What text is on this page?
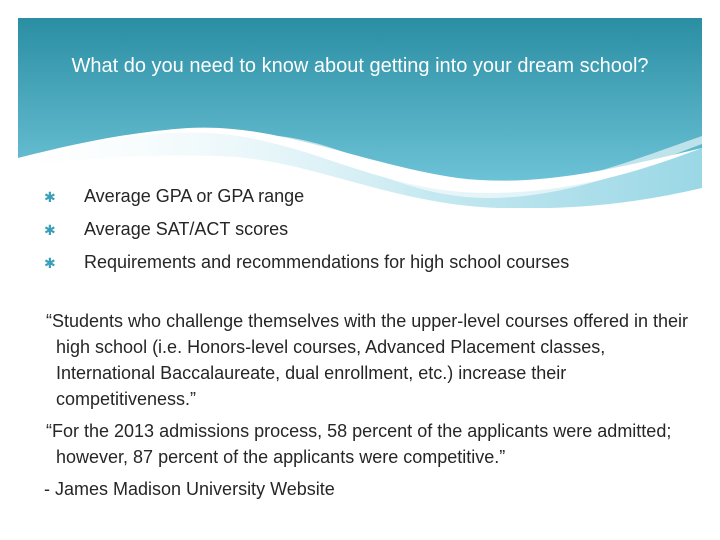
What do you need to know about getting into your dream school?
✱	Average GPA or GPA range
✱	Average SAT/ACT scores
✱	Requirements and recommendations for high school courses

“Students who challenge themselves with the upper-level courses offered in their high school (i.e. Honors-level courses, Advanced Placement classes, International Baccalaureate, dual enrollment, etc.) increase their competitiveness.”

“For the 2013 admissions process, 58 percent of the applicants were admitted; however, 87 percent of the applicants were competitive.”

- James Madison University Website
